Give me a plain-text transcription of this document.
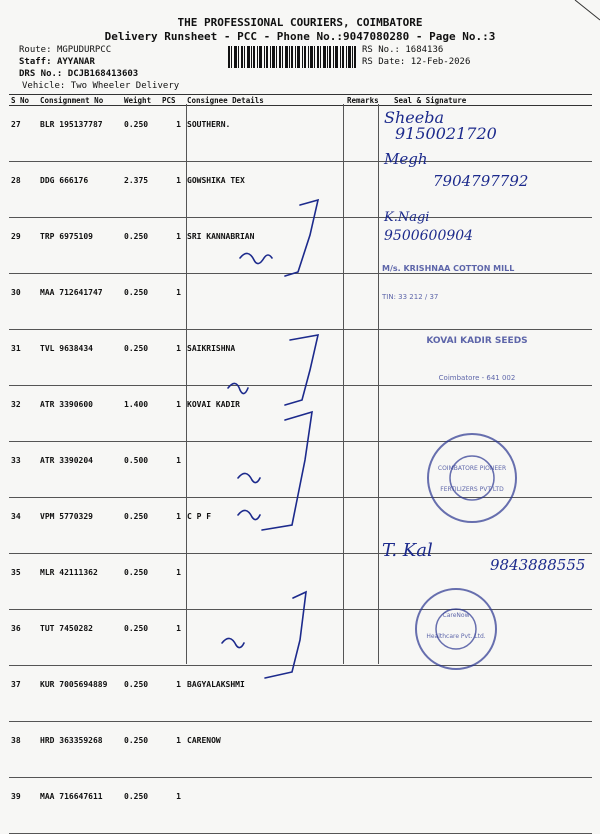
THE PROFESSIONAL COURIERS, COIMBATORE
Delivery Runsheet - PCC - Phone No.:9047080280 - Page No.:3
Route: MGPUDURPCC
Staff: AYYANAR
DRS No.: DCJB168413603
Vehicle: Two Wheeler Delivery
RS No.: 1684136
RS Date: 12-Feb-2026
S No	Consignment No	Weight	PCS	Consignee Details	Remarks	Seal & Signature
27	BLR 195137787	0.250	1	SOUTHERN.		
28	DDG 666176	2.375	1	GOWSHIKA TEX		
29	TRP 6975109	0.250	1	SRI KANNABRIAN		
30	MAA 712641747	0.250	1			
31	TVL 9638434	0.250	1	SAIKRISHNA		
32	ATR 3390600	1.400	1	KOVAI KADIR		
33	ATR 3390204	0.500	1			
34	VPM 5770329	0.250	1	C P F		
35	MLR 42111362	0.250	1			
36	TUT 7450282	0.250	1			
37	KUR 7005694889	0.250	1	BAGYALAKSHMI		
38	HRD 363359268	0.250	1	CARENOW		
39	MAA 716647611	0.250	1			
Sheeba
9150021720
Megh
7904797792
K.Nagi
9500600904
T. Kal
9843888555
M/s. KRISHNAA COTTON MILL
TIN: 33 212 / 37
KOVAI KADIR SEEDS
Coimbatore - 641 002
COIMBATORE PIONEER
FERTILIZERS PVT LTD
CareNow
Healthcare Pvt. Ltd.
